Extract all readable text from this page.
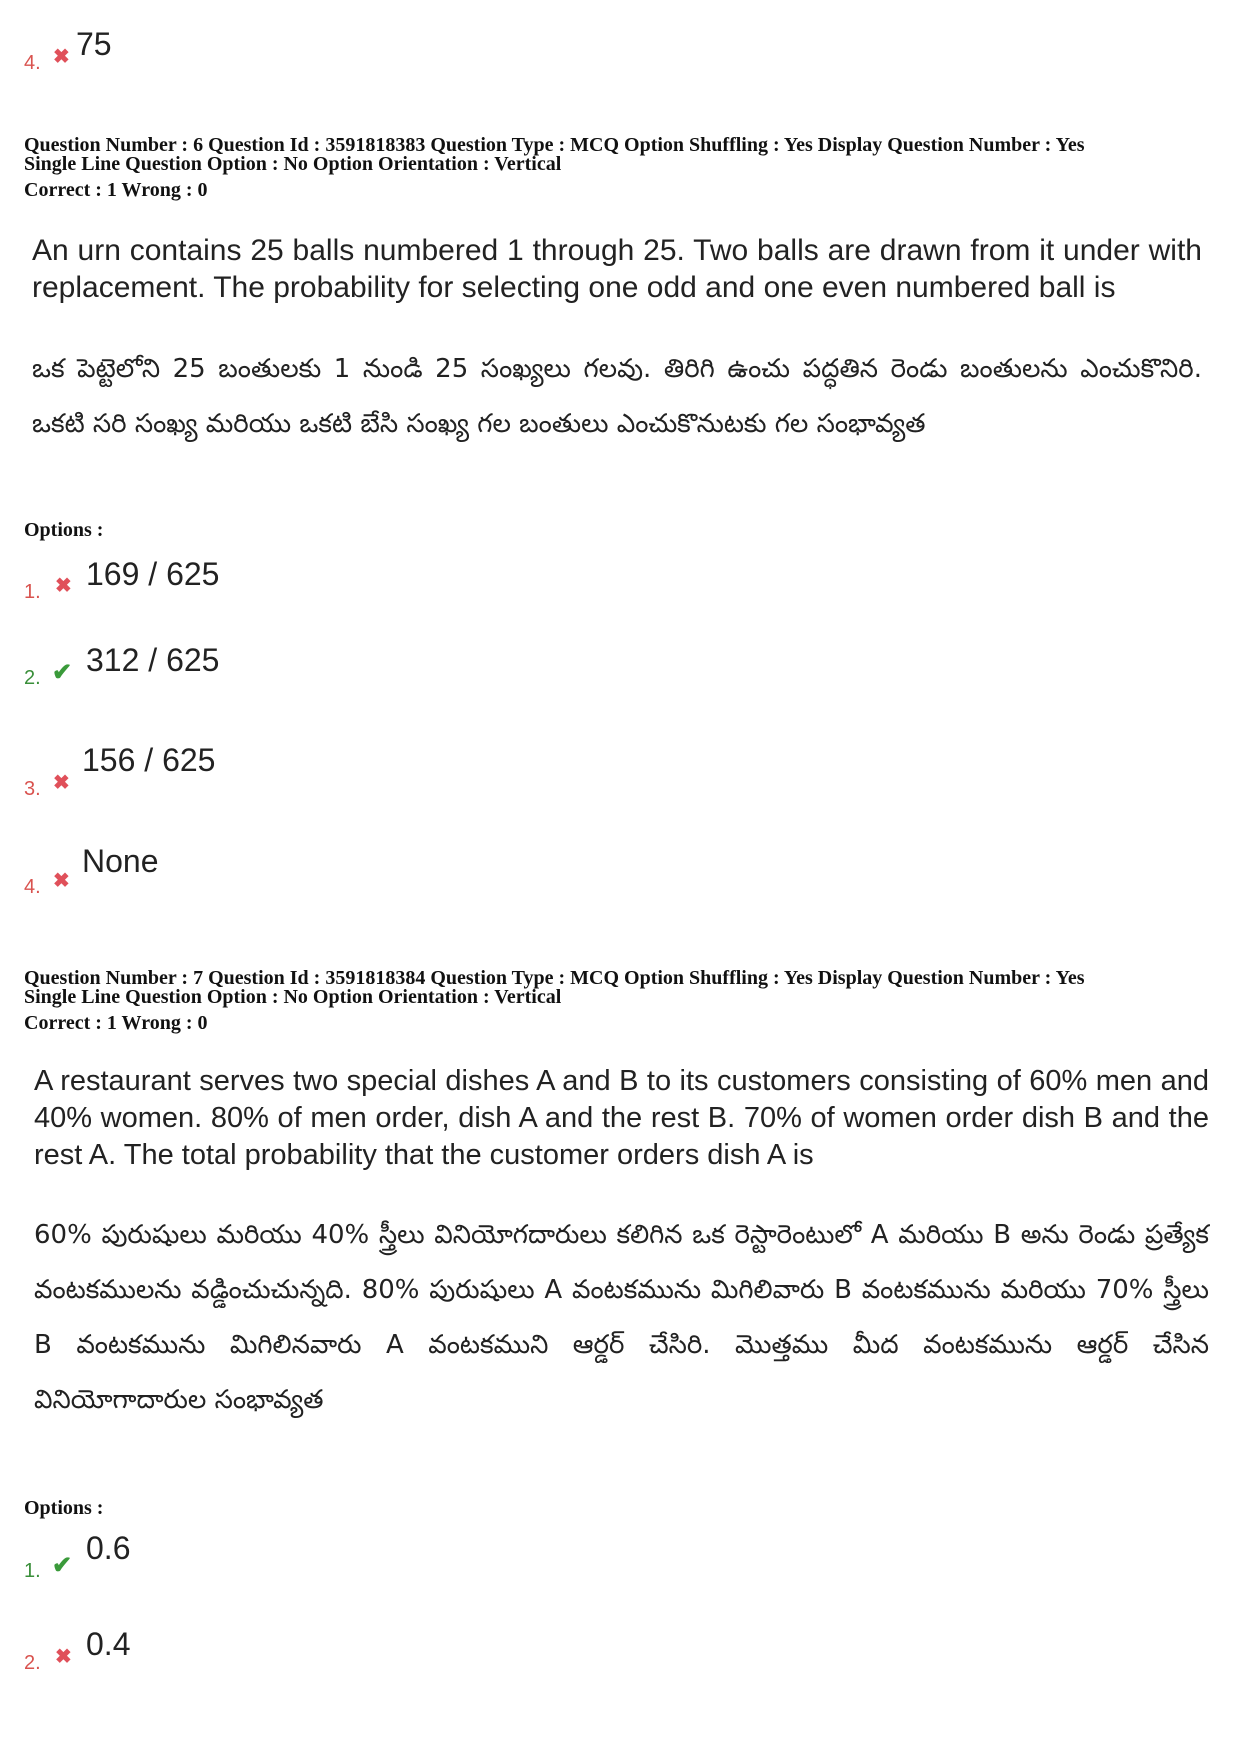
4. ✖ 75
Question Number : 6 Question Id : 3591818383 Question Type : MCQ Option Shuffling : Yes Display Question Number : Yes
Single Line Question Option : No Option Orientation : Vertical
Correct : 1 Wrong : 0
An urn contains 25 balls numbered 1 through 25. Two balls are drawn from it under with replacement. The probability for selecting one odd and one even numbered ball is
ఒక పెట్టెలోని 25 బంతులకు 1 నుండి 25 సంఖ్యలు గలవు. తిరిగి ఉంచు పద్ధతిన రెండు బంతులను ఎంచుకొనిరి. ఒకటి సరి సంఖ్య మరియు ఒకటి బేసి సంఖ్య గల బంతులు ఎంచుకొనుటకు గల సంభావ్యత
Options :
1. ✖ 169 / 625
2. ✔ 312 / 625
3. ✖
156 / 625
4. ✖
None
Question Number : 7 Question Id : 3591818384 Question Type : MCQ Option Shuffling : Yes Display Question Number : Yes
Single Line Question Option : No Option Orientation : Vertical
Correct : 1 Wrong : 0
A restaurant serves two special dishes A and B to its customers consisting of 60% men and 40% women. 80% of men order, dish A and the rest B. 70% of women order dish B and the rest A. The total probability that the customer orders dish A is
60% పురుషులు మరియు 40% స్త్రీలు వినియోగదారులు కలిగిన ఒక రెస్టారెంటులో A మరియు B అను రెండు ప్రత్యేక వంటకములను వడ్డించుచున్నది. 80% పురుషులు A వంటకమును మిగిలివారు B వంటకమును మరియు 70% స్త్రీలు B వంటకమును మిగిలినవారు A వంటకముని ఆర్డర్ చేసిరి. మొత్తము మీద వంటకమును ఆర్డర్ చేసిన వినియోగాదారుల సంభావ్యత
Options :
1. ✔ 0.6
2. ✖ 0.4
